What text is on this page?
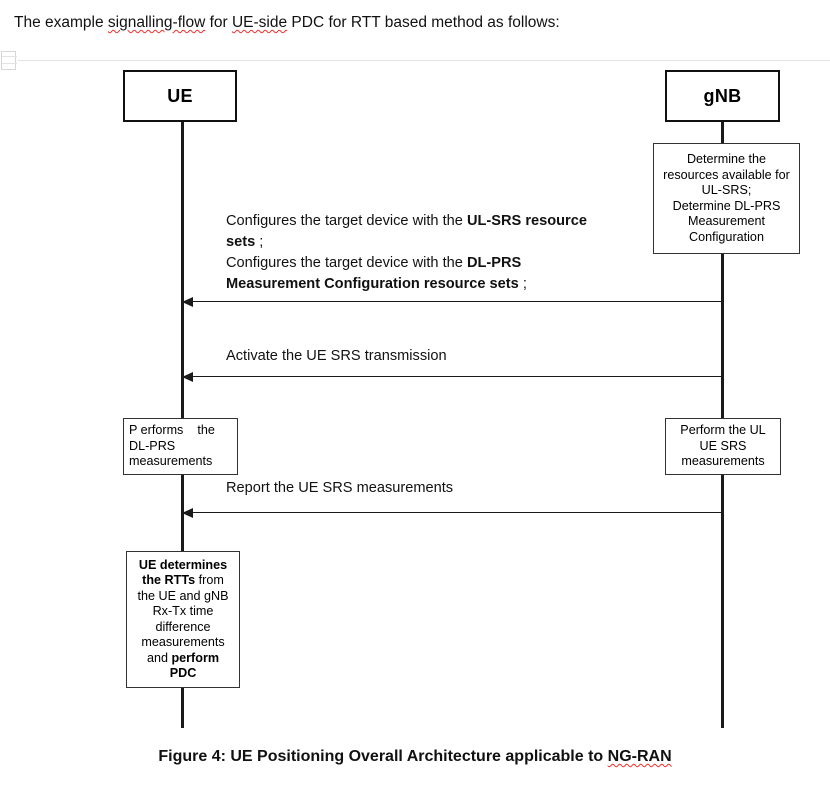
The example signalling-flow for UE-side PDC for RTT based method as follows:
UE	gNB
Determine the
resources available for
UL-SRS;
Determine DL-PRS
Measurement
Configuration
Configures the target device with the UL-SRS resource
sets ;
Configures the target device with the DL-PRS
Measurement Configuration resource sets ;
Activate the UE SRS transmission
P erforms    the
DL-PRS
measurements
Perform the UL
UE SRS
measurements
Report the UE SRS measurements
UE determines
the RTTs from
the UE and gNB
Rx-Tx time
difference
measurements
and perform
PDC
Figure 4: UE Positioning Overall Architecture applicable to NG-RAN
